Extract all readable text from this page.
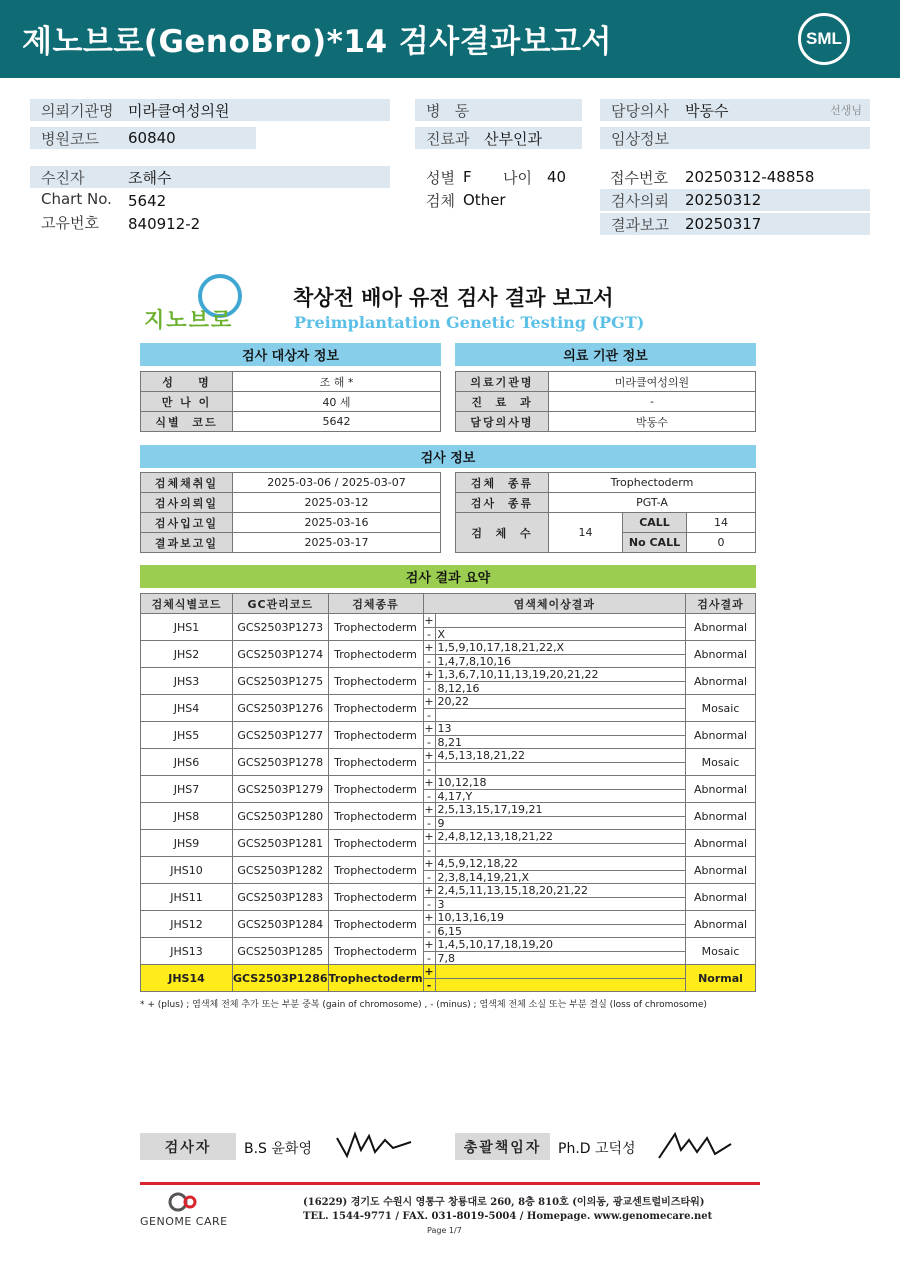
제노브로(GenoBro)*14 검사결과보고서	SML
의뢰기관명 미라클여성의원
병원코드 60840
병   동
진료과 산부인과
담당의사 박동수	선생님
임상정보
수진자	조해수
Chart No. 5642
고유번호 840912-2
성별 F 나이 40
검체 Other
접수번호 20250312-48858
검사의뢰 20250312
결과보고 20250317
지노브로
착상전 배아 유전 검사 결과 보고서
Preimplantation Genetic Testing (PGT)
검사 대상자 정보
성    명	조 해 *
만 나 이	40 세
식별  코드	5642
의료 기관 정보
의료기관명	미라클여성의원
진  료  과	-
담당의사명	박동수
검사 정보
검체채취일	2025-03-06 / 2025-03-07
검사의뢰일	2025-03-12
검사입고일	2025-03-16
결과보고일	2025-03-17
검체  종류	Trophectoderm		
검사  종류	PGT-A		
검  체  수	14	CALL	14
		No CALL	0
검사 결과 요약
검체식별코드	GC관리코드	검체종류	염색체이상결과	검사결과
JHS1	GCS2503P1273	Trophectoderm	+
- X	Abnormal
JHS2	GCS2503P1274	Trophectoderm	+ 1,5,9,10,17,18,21,22,X
- 1,4,7,8,10,16	Abnormal
JHS3	GCS2503P1275	Trophectoderm	+ 1,3,6,7,10,11,13,19,20,21,22
- 8,12,16	Abnormal
JHS4	GCS2503P1276	Trophectoderm	+ 20,22
-	Mosaic
JHS5	GCS2503P1277	Trophectoderm	+ 13
- 8,21	Abnormal
JHS6	GCS2503P1278	Trophectoderm	+ 4,5,13,18,21,22
-	Mosaic
JHS7	GCS2503P1279	Trophectoderm	+ 10,12,18
- 4,17,Y	Abnormal
JHS8	GCS2503P1280	Trophectoderm	+ 2,5,13,15,17,19,21
- 9	Abnormal
JHS9	GCS2503P1281	Trophectoderm	+ 2,4,8,12,13,18,21,22
-	Abnormal
JHS10	GCS2503P1282	Trophectoderm	+ 4,5,9,12,18,22
- 2,3,8,14,19,21,X	Abnormal
JHS11	GCS2503P1283	Trophectoderm	+ 2,4,5,11,13,15,18,20,21,22
- 3	Abnormal
JHS12	GCS2503P1284	Trophectoderm	+ 10,13,16,19
- 6,15	Abnormal
JHS13	GCS2503P1285	Trophectoderm	+ 1,4,5,10,17,18,19,20
- 7,8	Mosaic
JHS14	GCS2503P1286	Trophectoderm	+
-	Normal
* + (plus) ; 염색체 전체 추가 또는 부분 중복 (gain of chromosome) , - (minus) ; 염색체 전체 소실 또는 부분 결실 (loss of chromosome)
검사자	B.S 윤화영	총괄책임자	Ph.D 고덕성
GENOME CARE
(16229) 경기도 수원시 영통구 창룡대로 260, 8층 810호 (이의동, 광교센트럴비즈타워)
TEL. 1544-9771 / FAX. 031-8019-5004 / Homepage. www.genomecare.net
Page 1/7
